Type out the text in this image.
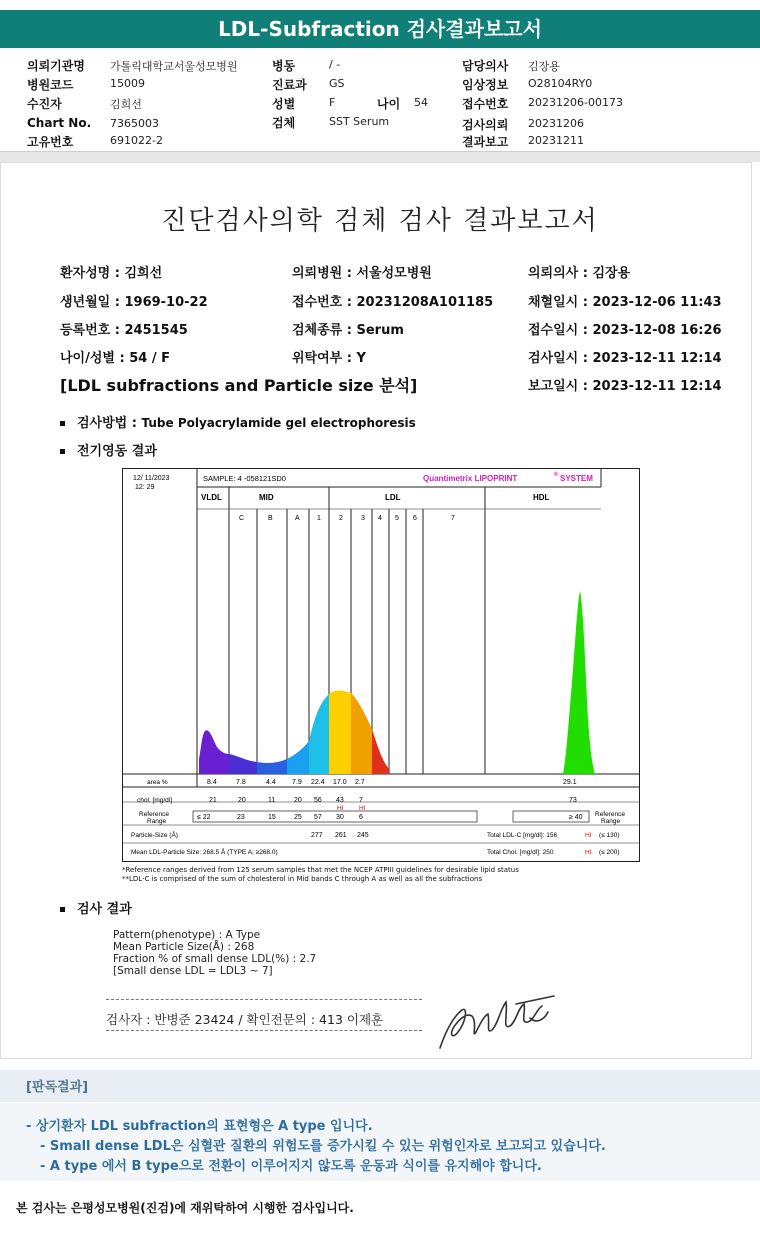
LDL-Subfraction 검사결과보고서
의뢰기관명 가톨릭대학교서울성모병원
병원코드	15009
수진자	김희선
Chart No. 7365003
고유번호	691022-2
병동	/ -
진료과 GS
성별	F	나이 54
검체	SST Serum
담당의사 김장용
임상정보 O28104RY0
접수번호 20231206-00173
검사의뢰 20231206
결과보고 20231211
진단검사의학 검체 검사 결과보고서
환자성명 : 김희선	의뢰병원 : 서울성모병원	의뢰의사 : 김장용
생년월일 : 1969-10-22	접수번호 : 20231208A101185	채혈일시 : 2023-12-06 11:43
등록번호 : 2451545	검체종류 : Serum	접수일시 : 2023-12-08 16:26
나이/성별 : 54 / F	위탁여부 : Y	검사일시 : 2023-12-11 12:14
보고일시 : 2023-12-11 12:14
[LDL subfractions and Particle size 분석]
검사방법 : Tube Polyacrylamide gel electrophoresis
전기영동 결과
12/ 11/2023
12: 29
SAMPLE: 4 -058121SD0	Quantimetrix LIPOPRINT	® SYSTEM
VLDL	MID	LDL	HDL
C	B	A 1	2	3 4 5 6	7
area %	8.4	7.8	4.4 7.9 22.4 17.0 2.7	29.1
chol. [mg/dl]	21	20	11	20 56 43 7	73
HI HI
Reference
Range
≤ 22	23	15	25 57 30 6	≥ 40 Reference
Range
Particle-Size (Å)	277 261 245	Total LDL-C [mg/dl]: 156	HI (≤ 130)
Mean LDL-Particle Size: 268.5 Å (TYPE A; ≥268.0)	Total Chol. [mg/dl]: 250	HI (≤ 200)
*Reference ranges derived from 125 serum samples that met the NCEP ATPIII guidelines for desirable lipid status
**LDL-C is comprised of the sum of cholesterol in Mid bands C through A as well as all the subfractions
검사 결과
Pattern(phenotype) : A Type
Mean Particle Size(Å) : 268
Fraction % of small dense LDL(%) : 2.7
[Small dense LDL = LDL3 ~ 7]
검사자 : 반병준 23424 / 확인전문의 : 413 이제훈
[판독결과]
- 상기환자 LDL subfraction의 표현형은 A type 입니다.
- Small dense LDL은 심혈관 질환의 위험도를 증가시킬 수 있는 위험인자로 보고되고 있습니다.
- A type 에서 B type으로 전환이 이루어지지 않도록 운동과 식이를 유지해야 합니다.
본 검사는 은평성모병원(진검)에 재위탁하여 시행한 검사입니다.
